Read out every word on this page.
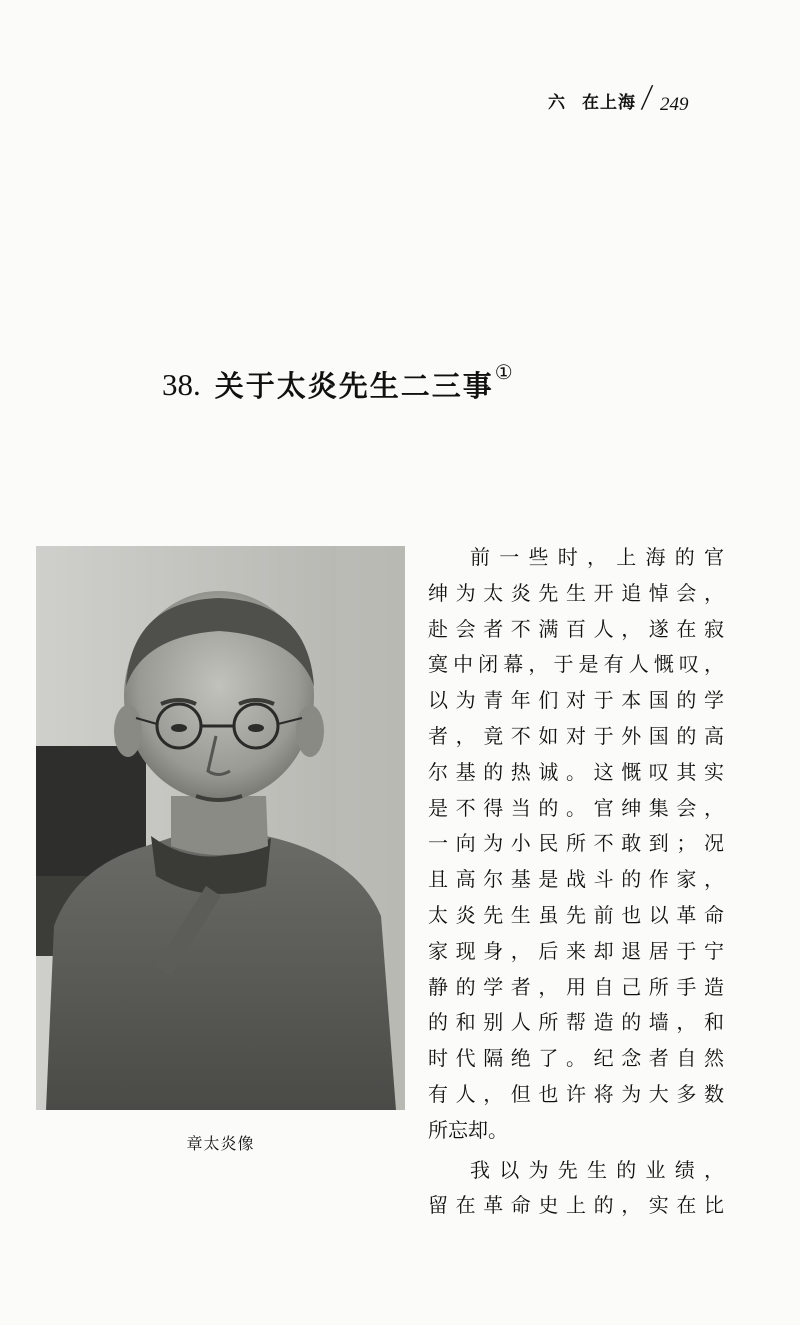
六 在上海 / 249
38. 关于太炎先生二三事①
章太炎像
前一些时，上海的官
绅为太炎先生开追悼会，
赴会者不满百人，遂在寂
寞中闭幕，于是有人慨叹，
以为青年们对于本国的学
者，竟不如对于外国的高
尔基的热诚。这慨叹其实
是不得当的。官绅集会，
一向为小民所不敢到；况
且高尔基是战斗的作家，
太炎先生虽先前也以革命
家现身，后来却退居于宁
静的学者，用自己所手造
的和别人所帮造的墙，和
时代隔绝了。纪念者自然
有人，但也许将为大多数
所忘却。
我以为先生的业绩，
留在革命史上的，实在比
